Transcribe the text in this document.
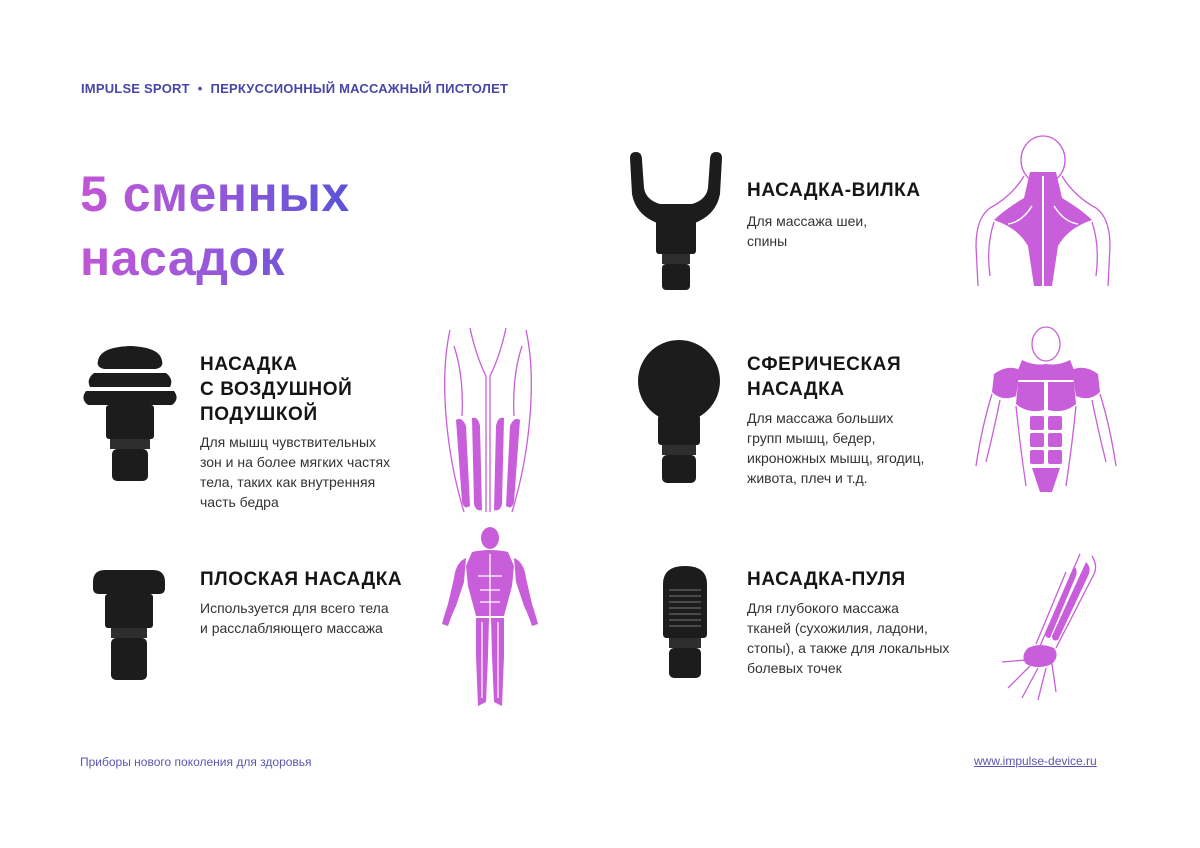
IMPULSE SPORT • ПЕРКУССИОННЫЙ МАССАЖНЫЙ ПИСТОЛЕТ
5 сменных
насадок
НАСАДКА-ВИЛКА
Для массажа шеи,
спины
НАСАДКА
С ВОЗДУШНОЙ
ПОДУШКОЙ
Для мышц чувствительных
зон и на более мягких частях
тела, таких как внутренняя
часть бедра
СФЕРИЧЕСКАЯ
НАСАДКА
Для массажа больших
групп мышц, бедер,
икроножных мышц, ягодиц,
живота, плеч и т.д.
ПЛОСКАЯ НАСАДКА
Используется для всего тела
и расслабляющего массажа
НАСАДКА-ПУЛЯ
Для глубокого массажа
тканей (сухожилия, ладони,
стопы), а также для локальных
болевых точек
Приборы нового поколения для здоровья	www.impulse-device.ru
